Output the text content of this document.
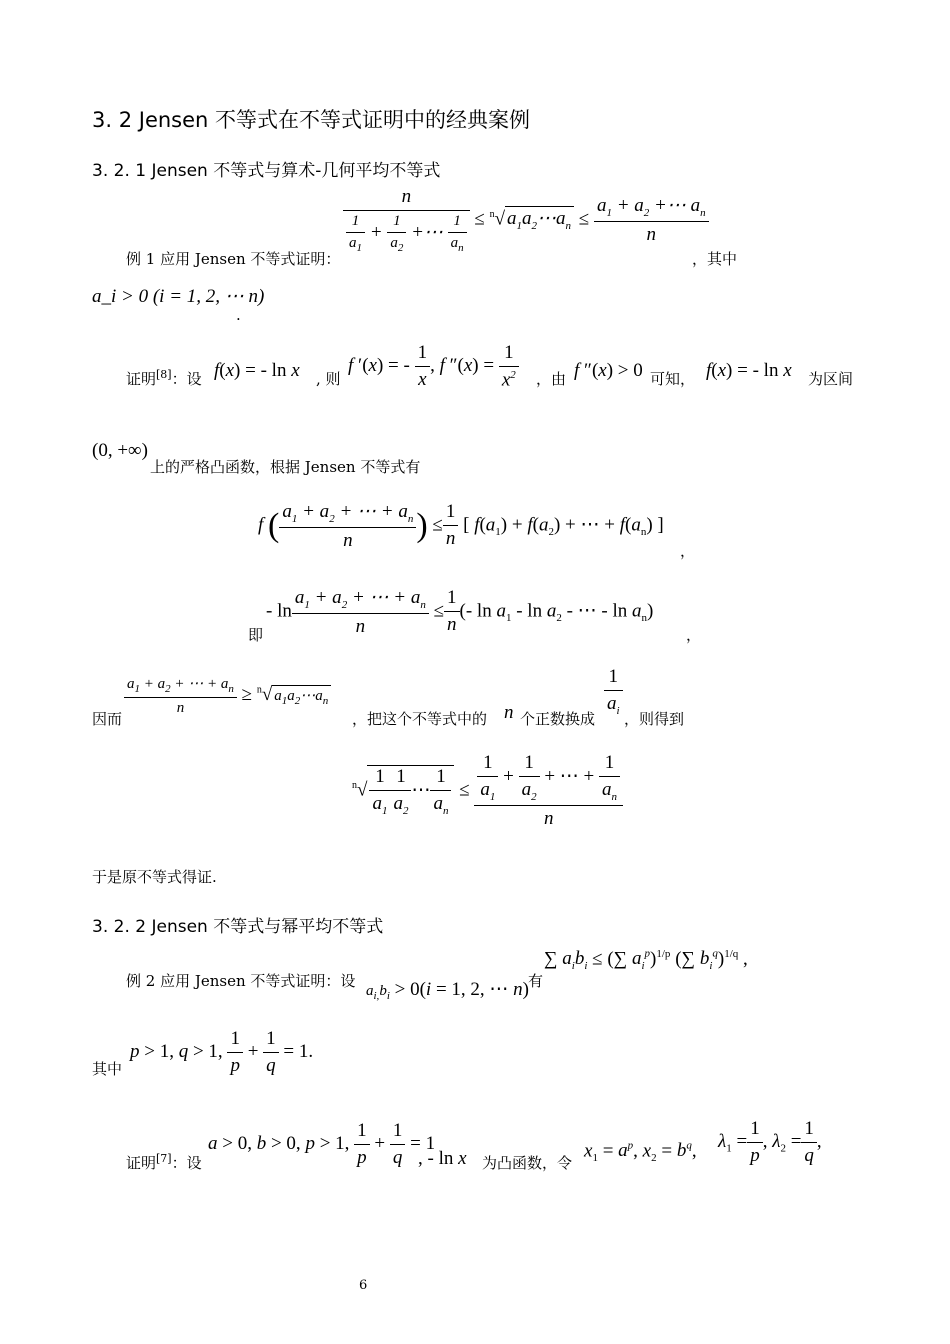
3. 2 Jensen 不等式在不等式证明中的经典案例
3. 2. 1 Jensen 不等式与算术-几何平均不等式
$\frac{n}{\frac{1}{a_1} + \frac{1}{a_2} +\cdots \frac{1}{a_n}} \le ^n√$ $a_1a_2\cdots a_n \le \frac{a_1 + a_2 +\cdots a_n}{n}$
例 1 应用 Jensen 不等式证明：	，其中
a_i > 0 (i = 1, 2, ⋯ n)
.
证明[8]：设 f(x) = - ln x , 则
f ′(x) = - $\frac{1}{x}$ , f $''(x) = \frac{1}{x^2}$ ，由 f ″(x) > 0 可知， f(x) = - ln x 为区间
(0, +∞)
上的严格凸函数，根据 Jensen 不等式有
f ( $\frac{a_1 + a_2 + \cdots + a_n}{n}$ ) ≤ $\frac{1}{n}$ [ $f(a_1) + f(a_2)$ + ⋯ + $f(a_n)$ ]
，
即
- $\ln \frac{a_1 + a_2 + \cdots + a_n}{n} \le \frac{1}{n}$ (- $\ln a_1$ - $\ln a_2$ - ⋯ - $\ln a_n$)
，
因而
$\frac{a_1 + a_2 + \cdots + a_n}{n} \ge ^n√$ $a_1a_2\cdots a_n$
，把这个不等式中的 n 个正数换成
$\frac{1}{a_i}$
，则得到
$^n√ \frac{1}{a_1} \frac{1}{a_2}$ ⋯ $\frac{1}{a_n} \le \frac{\frac{1}{a_1} + \frac{1}{a_2} + \cdots + \frac{1}{a_n}}{n}$
于是原不等式得证.
3. 2. 2 Jensen 不等式与幂平均不等式
例 2 应用 Jensen 不等式证明：设
$a_{i,}b_i > 0(i = 1$, 2, ⋯ n) 有
∑ $a_ib_i$ ≤ (∑ $a_i^p)^{1/p}$ (∑ $b_i^q)^{1/q}$ ,
其中
p > 1, q > 1, $\frac{1}{p} + \frac{1}{q} = 1$.
证明[7]：设
a > 0, b > 0, p > 1, $\frac{1}{p} + \frac{1}{q} = 1$
, - ln x 为凸函数，令
$x_1 = a^p$, $x_2 = b^q$, $\lambda_1 = \frac{1}{p}$ , $\lambda_2 = \frac{1}{q}$ ,
6
